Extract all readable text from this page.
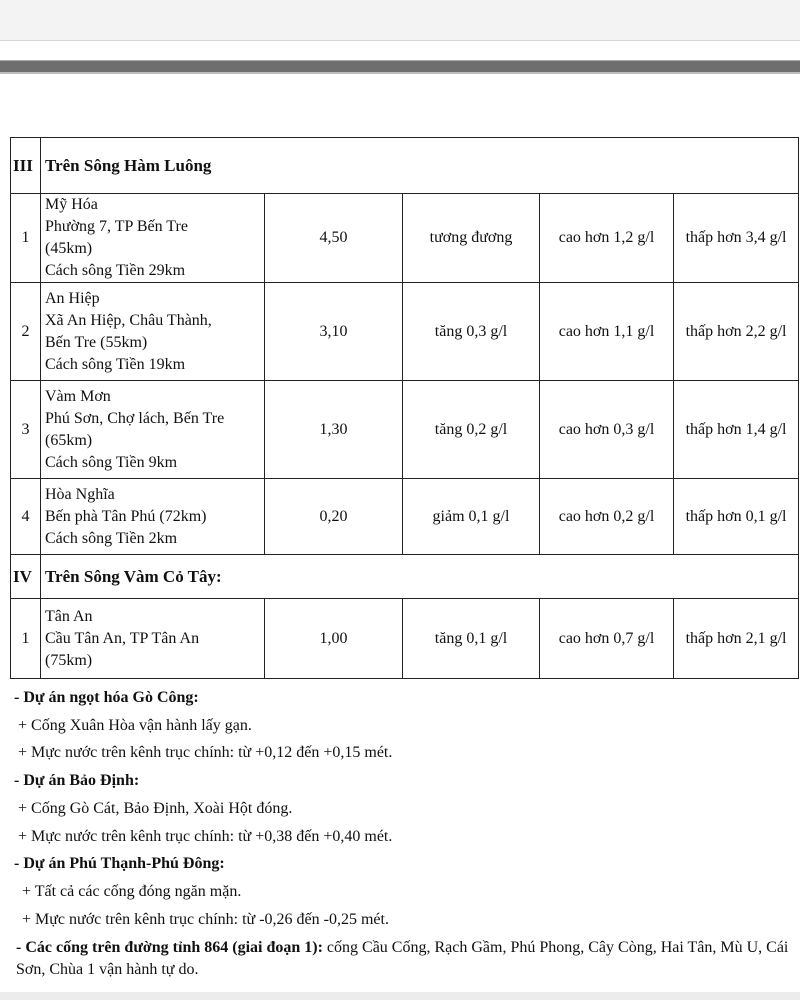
III	Trên Sông Hàm Luông				
1	Mỹ Hóa
Phường 7, TP Bến Tre
(45km)
Cách sông Tiền 29km	4,50	tương đương	cao hơn 1,2 g/l	thấp hơn 3,4 g/l
2	An Hiệp
Xã An Hiệp, Châu Thành,
Bến Tre (55km)
Cách sông Tiền 19km	3,10	tăng 0,3 g/l	cao hơn 1,1 g/l	thấp hơn 2,2 g/l
3	Vàm Mơn
Phú Sơn, Chợ lách, Bến Tre
(65km)
Cách sông Tiền 9km	1,30	tăng 0,2 g/l	cao hơn 0,3 g/l	thấp hơn 1,4 g/l
4	Hòa Nghĩa
Bến phà Tân Phú (72km)
Cách sông Tiền 2km	0,20	giảm 0,1 g/l	cao hơn 0,2 g/l	thấp hơn 0,1 g/l
IV	Trên Sông Vàm Cỏ Tây:				
1	Tân An
Cầu Tân An, TP Tân An
(75km)	1,00	tăng 0,1 g/l	cao hơn 0,7 g/l	thấp hơn 2,1 g/l

- Dự án ngọt hóa Gò Công:

+ Cống Xuân Hòa vận hành lấy gạn.

+ Mực nước trên kênh trục chính: từ +0,12 đến +0,15 mét.

- Dự án Bảo Định:

+ Cống Gò Cát, Bảo Định, Xoài Hột đóng.

+ Mực nước trên kênh trục chính: từ +0,38 đến +0,40 mét.

- Dự án Phú Thạnh-Phú Đông:

+ Tất cả các cống đóng ngăn mặn.

+ Mực nước trên kênh trục chính: từ -0,26 đến -0,25 mét.

- Các cống trên đường tỉnh 864 (giai đoạn 1): cống Cầu Cống, Rạch Gầm, Phú Phong, Cây Còng, Hai Tân, Mù U, Cái Sơn, Chùa 1 vận hành tự do.
